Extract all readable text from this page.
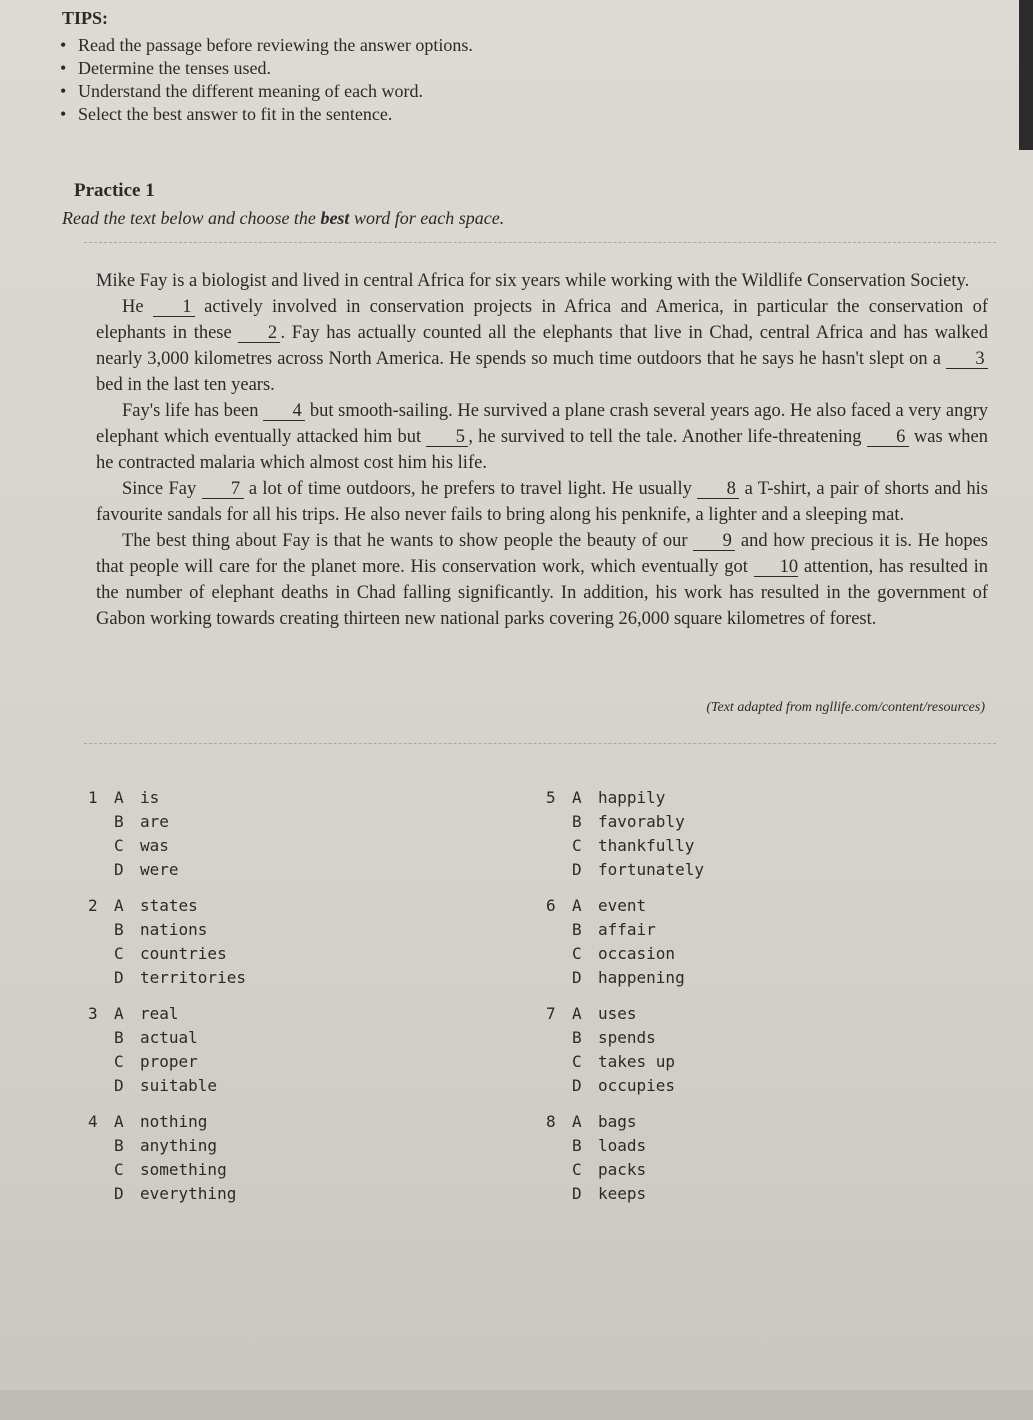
TIPS:
• Read the passage before reviewing the answer options.
• Determine the tenses used.
• Understand the different meaning of each word.
• Select the best answer to fit in the sentence.
Practice 1
Read the text below and choose the best word for each space.

Mike Fay is a biologist and lived in central Africa for six years while working with the Wildlife Conservation Society.

He 1 actively involved in conservation projects in Africa and America, in particular the conservation of elephants in these 2 . Fay has actually counted all the elephants that live in Chad, central Africa and has walked nearly 3,000 kilometres across North America. He spends so much time outdoors that he says he hasn't slept on a 3 bed in the last ten years.

Fay's life has been 4 but smooth-sailing. He survived a plane crash several years ago. He also faced a very angry elephant which eventually attacked him but 5 , he survived to tell the tale. Another life-threatening 6 was when he contracted malaria which almost cost him his life.

Since Fay 7 a lot of time outdoors, he prefers to travel light. He usually 8 a T-shirt, a pair of shorts and his favourite sandals for all his trips. He also never fails to bring along his penknife, a lighter and a sleeping mat.

The best thing about Fay is that he wants to show people the beauty of our 9 and how precious it is. He hopes that people will care for the planet more. His conservation work, which eventually got 10 attention, has resulted in the number of elephant deaths in Chad falling significantly. In addition, his work has resulted in the government of Gabon working towards creating thirteen new national parks covering 26,000 square kilometres of forest.

(Text adapted from ngllife.com/content/resources)
1 A is
B are
C was
D were
2 A states
B nations
C countries
D territories
3 A real
B actual
C proper
D suitable
4 A nothing
B anything
C something
D everything
5 A happily
B favorably
C thankfully
D fortunately
6 A event
B affair
C occasion
D happening
7 A uses
B spends
C takes up
D occupies
8 A bags
B loads
C packs
D keeps
